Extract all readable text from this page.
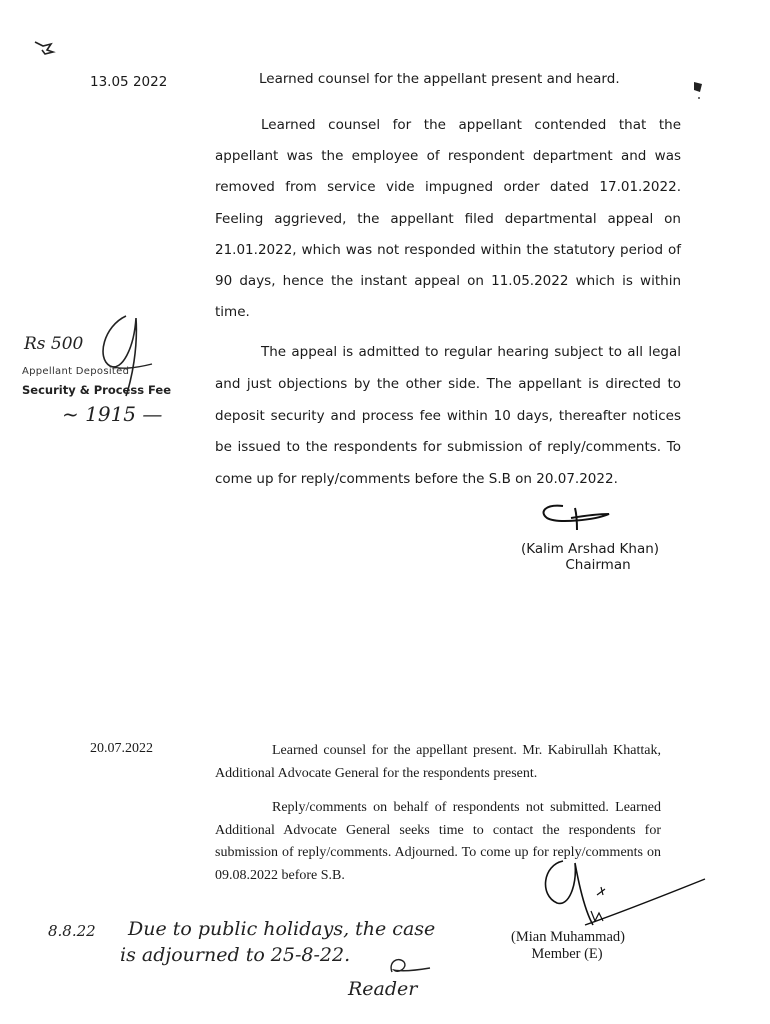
13.05 2022	Learned counsel for the appellant present and heard.

Learned counsel for the appellant contended that the appellant was the employee of respondent department and was removed from service vide impugned order dated 17.01.2022. Feeling aggrieved, the appellant filed departmental appeal on 21.01.2022, which was not responded within the statutory period of 90 days, hence the instant appeal on 11.05.2022 which is within time.

The appeal is admitted to regular hearing subject to all legal and just objections by the other side. The appellant is directed to deposit security and process fee within 10 days, thereafter notices be issued to the respondents for submission of reply/comments. To come up for reply/comments before the S.B on 20.07.2022.

Rs 500
Appellant Deposited
Security & Process Fee
~ 1915 —
(Kalim Arshad Khan)
Chairman
20.07.2022	Learned counsel for the appellant present. Mr. Kabirullah Khattak, Additional Advocate General for the respondents present.

Reply/comments on behalf of respondents not submitted. Learned Additional Advocate General seeks time to contact the respondents for submission of reply/comments. Adjourned. To come up for reply/comments on 09.08.2022 before S.B.

(Mian Muhammad)
Member (E)
8.8.22 Due to public holidays, the case
is adjourned to 25-8-22.
Reader
